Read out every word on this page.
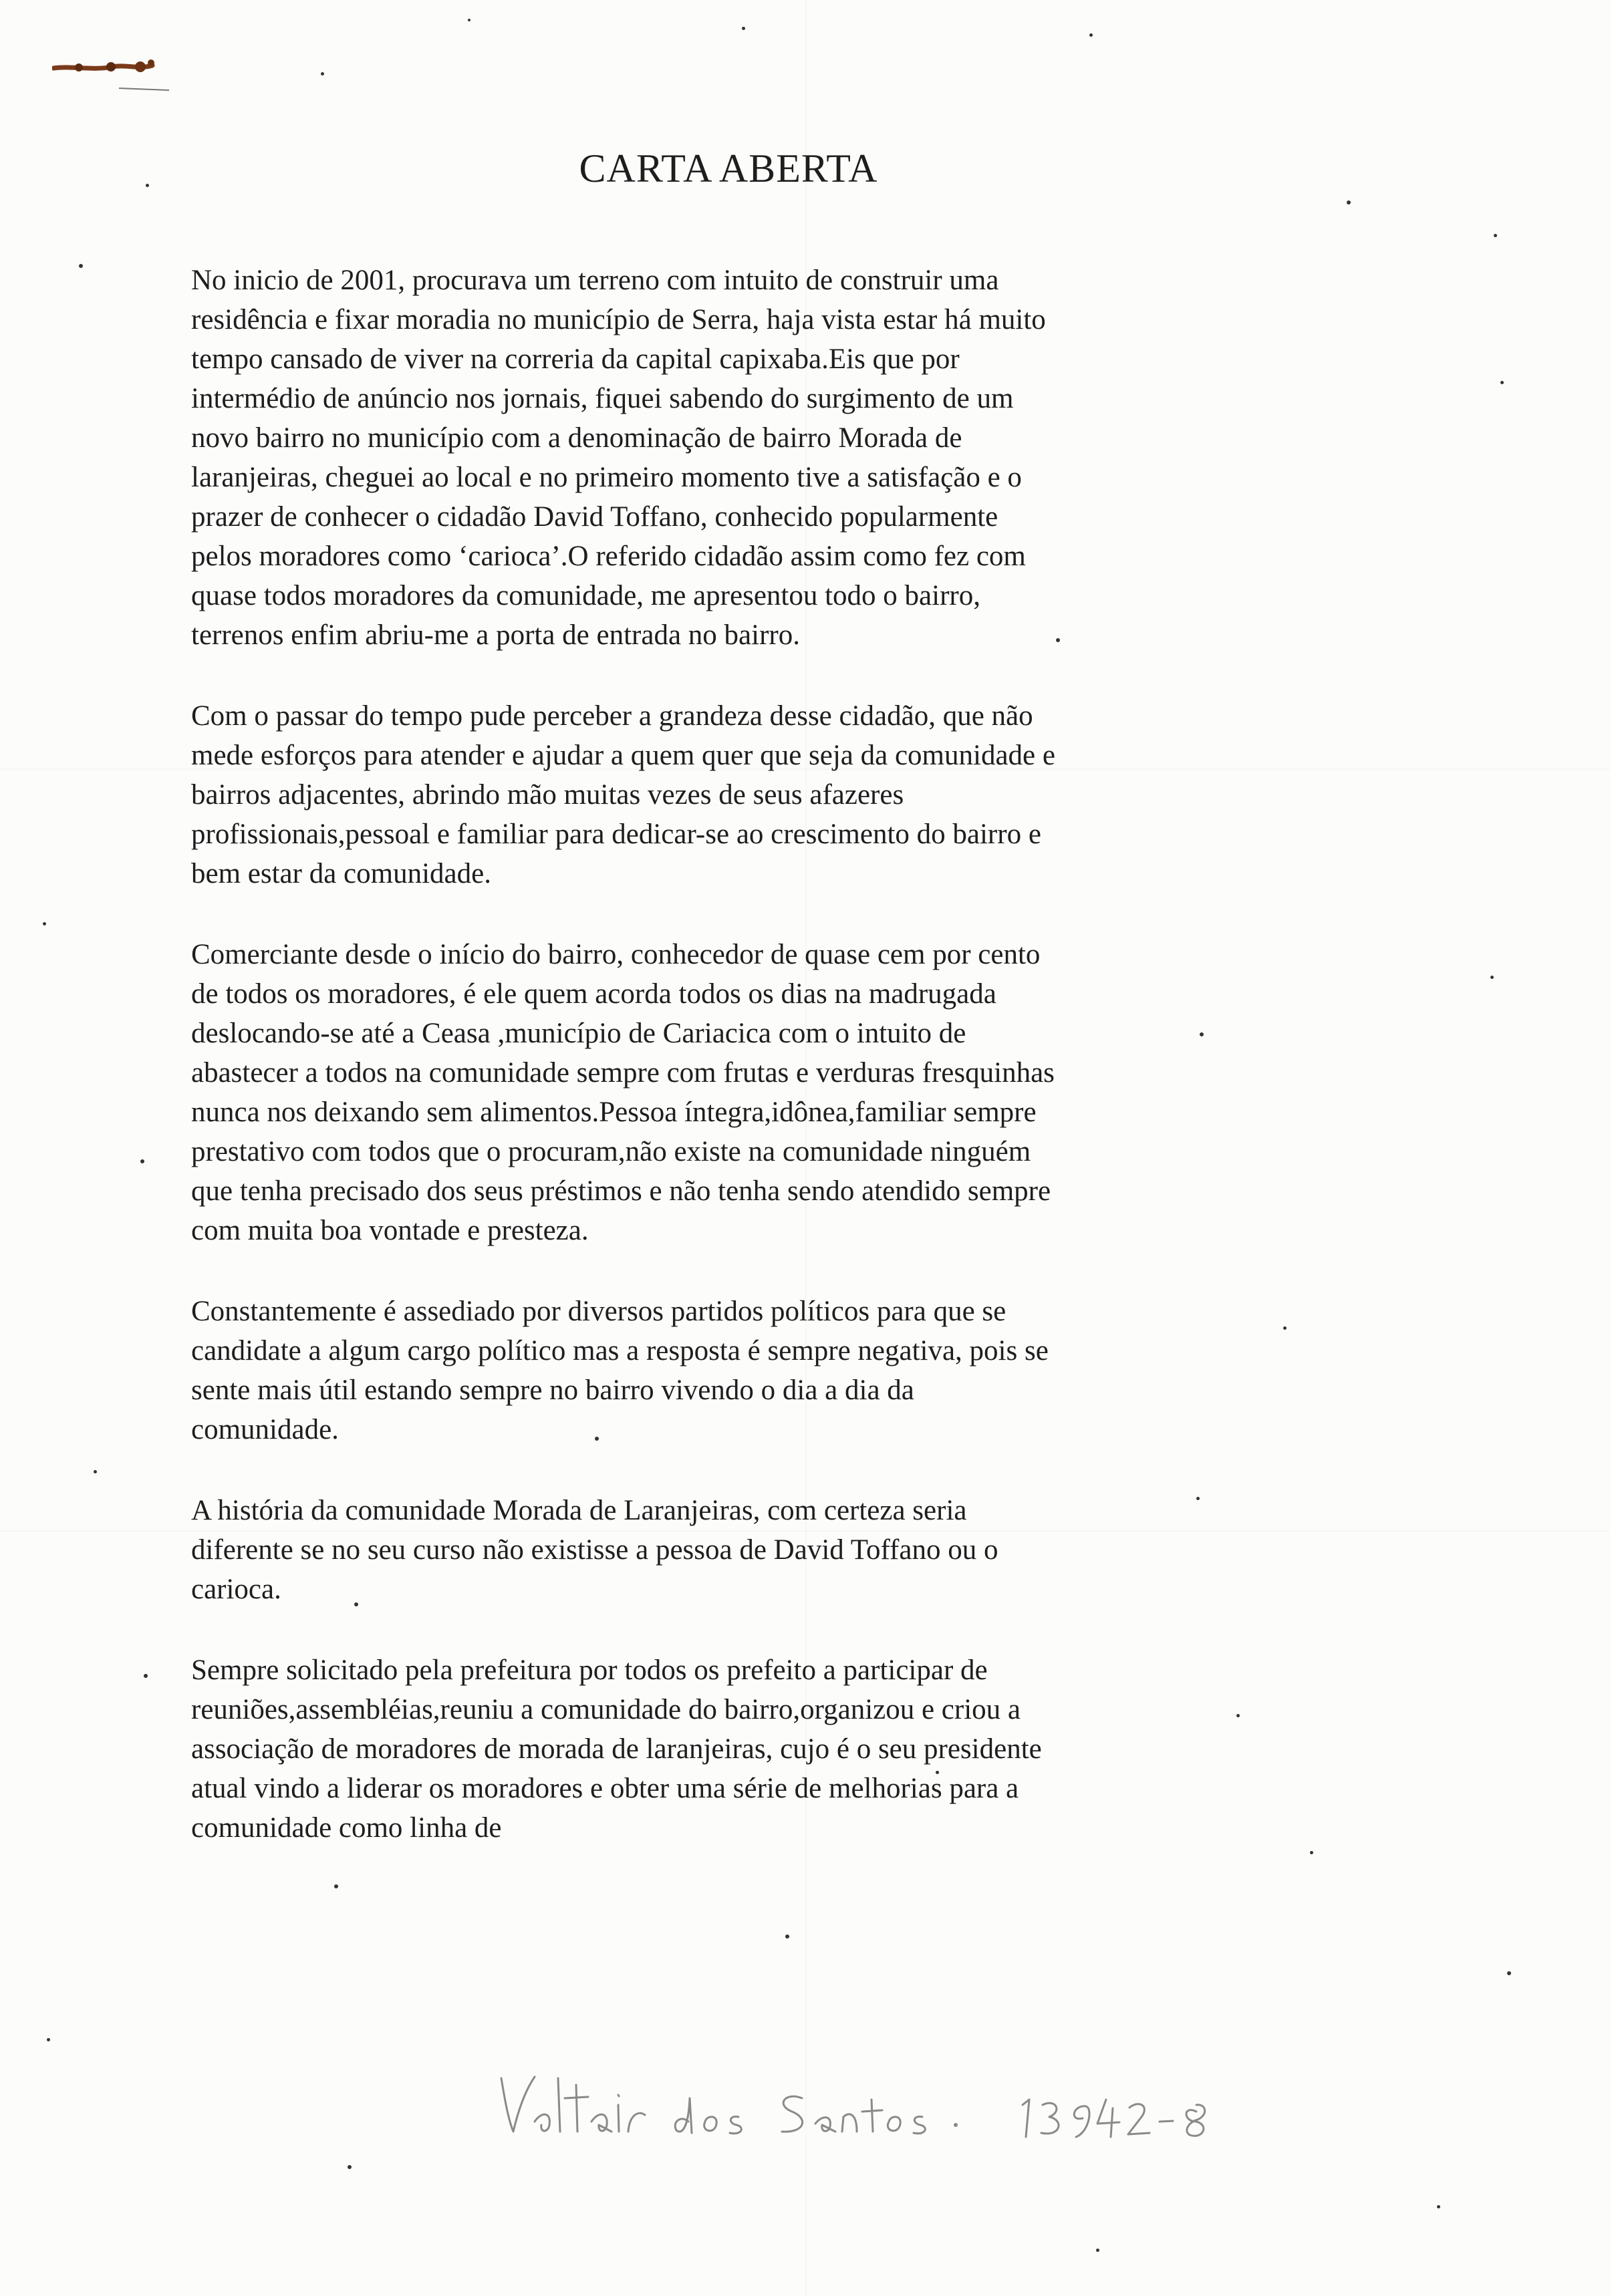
CARTA ABERTA
No inicio de 2001, procurava um terreno com intuito de construir uma
residência e fixar moradia no município de Serra, haja vista estar há muito
tempo cansado de viver na correria da capital capixaba.Eis que por
intermédio de anúncio nos jornais, fiquei sabendo do surgimento de um
novo bairro no município com a denominação de bairro Morada de
laranjeiras, cheguei ao local e no primeiro momento tive a satisfação e o
prazer de conhecer o cidadão David Toffano, conhecido popularmente
pelos moradores como ‘carioca’.O referido cidadão assim como fez com
quase todos moradores da comunidade, me apresentou todo o bairro,
terrenos enfim abriu-me a porta de entrada no bairro.
Com o passar do tempo pude perceber a grandeza desse cidadão, que não
mede esforços para atender e ajudar a quem quer que seja da comunidade e
bairros adjacentes, abrindo mão muitas vezes de seus afazeres
profissionais,pessoal e familiar para dedicar-se ao crescimento do bairro e
bem estar da comunidade.
Comerciante desde o início do bairro, conhecedor de quase cem por cento
de todos os moradores, é ele quem acorda todos os dias na madrugada
deslocando-se até a Ceasa ,município de Cariacica com o intuito de
abastecer a todos na comunidade sempre com frutas e verduras fresquinhas
nunca nos deixando sem alimentos.Pessoa íntegra,idônea,familiar sempre
prestativo com todos que o procuram,não existe na comunidade ninguém
que tenha precisado dos seus préstimos e não tenha sendo atendido sempre
com muita boa vontade e presteza.
Constantemente é assediado por diversos partidos políticos para que se
candidate a algum cargo político mas a resposta é sempre negativa, pois se
sente mais útil estando sempre no bairro vivendo o dia a dia da
comunidade.
A história da comunidade Morada de Laranjeiras, com certeza seria
diferente se no seu curso não existisse a pessoa de David Toffano ou o
carioca.
Sempre solicitado pela prefeitura por todos os prefeito a participar de
reuniões,assembléias,reuniu a comunidade do bairro,organizou e criou a
associação de moradores de morada de laranjeiras, cujo é o seu presidente
atual vindo a liderar os moradores e obter uma série de melhorias para a
comunidade como linha de
